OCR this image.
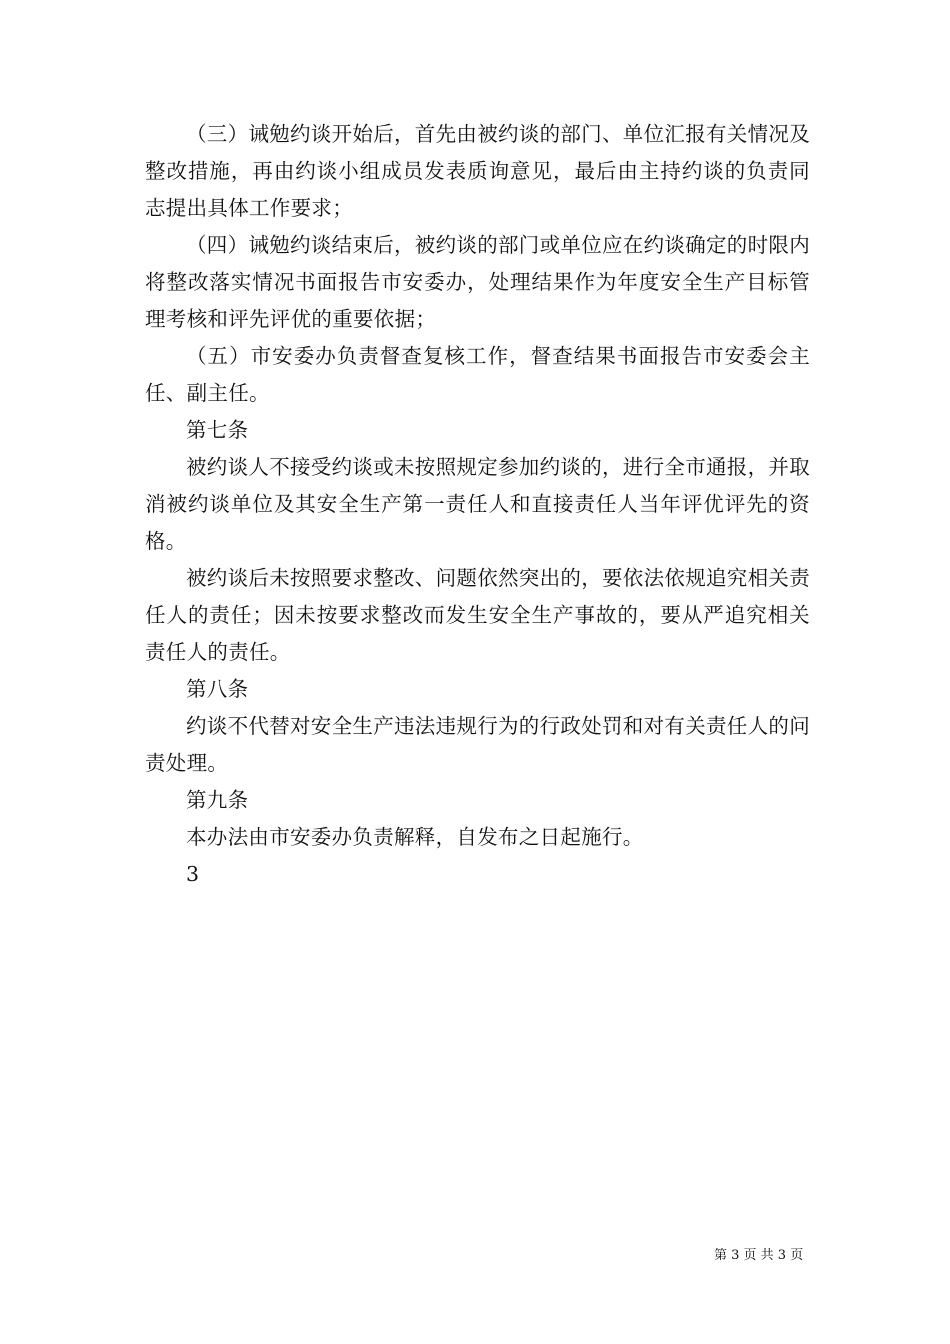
（三）诫勉约谈开始后，首先由被约谈的部门、单位汇报有关情况及整改措施，再由约谈小组成员发表质询意见，最后由主持约谈的负责同志提出具体工作要求；

（四）诫勉约谈结束后，被约谈的部门或单位应在约谈确定的时限内将整改落实情况书面报告市安委办，处理结果作为年度安全生产目标管理考核和评先评优的重要依据；

（五）市安委办负责督查复核工作，督查结果书面报告市安委会主任、副主任。

第七条

被约谈人不接受约谈或未按照规定参加约谈的，进行全市通报，并取消被约谈单位及其安全生产第一责任人和直接责任人当年评优评先的资格。

被约谈后未按照要求整改、问题依然突出的，要依法依规追究相关责任人的责任；因未按要求整改而发生安全生产事故的，要从严追究相关责任人的责任。

第八条

约谈不代替对安全生产违法违规行为的行政处罚和对有关责任人的问责处理。

第九条

本办法由市安委办负责解释，自发布之日起施行。

3

第 3 页 共 3 页
